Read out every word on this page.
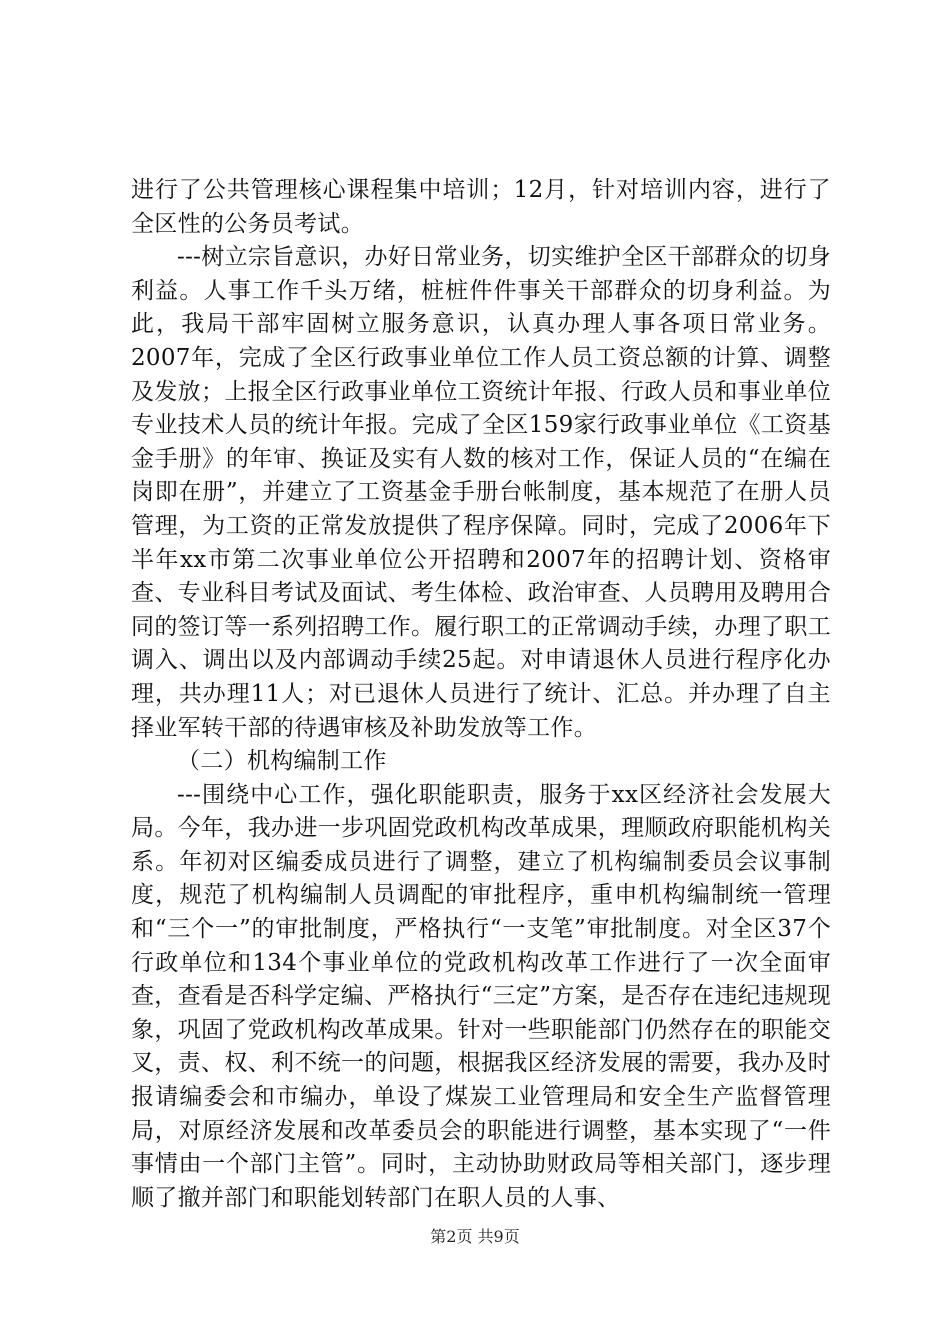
进行了公共管理核心课程集中培训；12月，针对培训内容，进行了全区性的公务员考试。

---树立宗旨意识，办好日常业务，切实维护全区干部群众的切身利益。人事工作千头万绪，桩桩件件事关干部群众的切身利益。为此，我局干部牢固树立服务意识，认真办理人事各项日常业务。2007年，完成了全区行政事业单位工作人员工资总额的计算、调整及发放；上报全区行政事业单位工资统计年报、行政人员和事业单位专业技术人员的统计年报。完成了全区159家行政事业单位《工资基金手册》的年审、换证及实有人数的核对工作，保证人员的“在编在岗即在册”，并建立了工资基金手册台帐制度，基本规范了在册人员管理，为工资的正常发放提供了程序保障。同时，完成了2006年下半年xx市第二次事业单位公开招聘和2007年的招聘计划、资格审查、专业科目考试及面试、考生体检、政治审查、人员聘用及聘用合同的签订等一系列招聘工作。履行职工的正常调动手续，办理了职工调入、调出以及内部调动手续25起。对申请退休人员进行程序化办理，共办理11人；对已退休人员进行了统计、汇总。并办理了自主择业军转干部的待遇审核及补助发放等工作。

（二）机构编制工作

---围绕中心工作，强化职能职责，服务于xx区经济社会发展大局。今年，我办进一步巩固党政机构改革成果，理顺政府职能机构关系。年初对区编委成员进行了调整，建立了机构编制委员会议事制度，规范了机构编制人员调配的审批程序，重申机构编制统一管理和“三个一”的审批制度，严格执行“一支笔”审批制度。对全区37个行政单位和134个事业单位的党政机构改革工作进行了一次全面审查，查看是否科学定编、严格执行“三定”方案，是否存在违纪违规现象，巩固了党政机构改革成果。针对一些职能部门仍然存在的职能交叉，责、权、利不统一的问题，根据我区经济发展的需要，我办及时报请编委会和市编办，单设了煤炭工业管理局和安全生产监督管理局，对原经济发展和改革委员会的职能进行调整，基本实现了“一件事情由一个部门主管”。同时，主动协助财政局等相关部门，逐步理顺了撤并部门和职能划转部门在职人员的人事、

第2页 共9页
